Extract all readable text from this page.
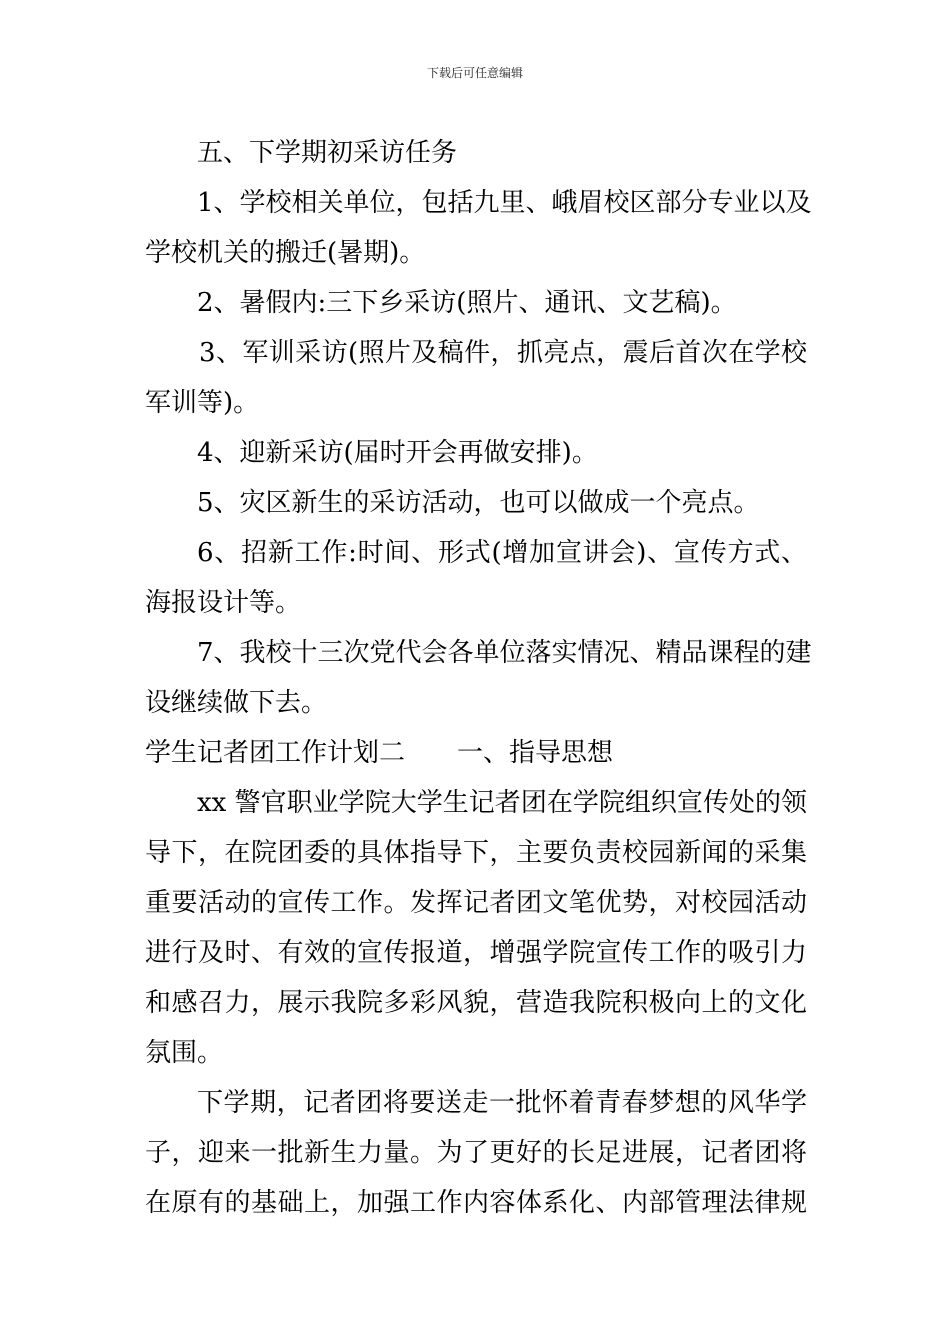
下载后可任意编辑
五、下学期初采访任务
1、学校相关单位，包括九里、峨眉校区部分专业以及
学校机关的搬迁(暑期)。
2、暑假内:三下乡采访(照片、通讯、文艺稿)。
3、军训采访(照片及稿件，抓亮点，震后首次在学校
军训等)。
4、迎新采访(届时开会再做安排)。
5、灾区新生的采访活动，也可以做成一个亮点。
6、招新工作:时间、形式(增加宣讲会)、宣传方式、
海报设计等。
7、我校十三次党代会各单位落实情况、精品课程的建
设继续做下去。
学生记者团工作计划二 一、指导思想
xx 警官职业学院大学生记者团在学院组织宣传处的领
导下，在院团委的具体指导下，主要负责校园新闻的采集
重要活动的宣传工作。发挥记者团文笔优势，对校园活动
进行及时、有效的宣传报道，增强学院宣传工作的吸引力
和感召力，展示我院多彩风貌，营造我院积极向上的文化
氛围。
下学期，记者团将要送走一批怀着青春梦想的风华学
子，迎来一批新生力量。为了更好的长足进展，记者团将
在原有的基础上，加强工作内容体系化、内部管理法律规
